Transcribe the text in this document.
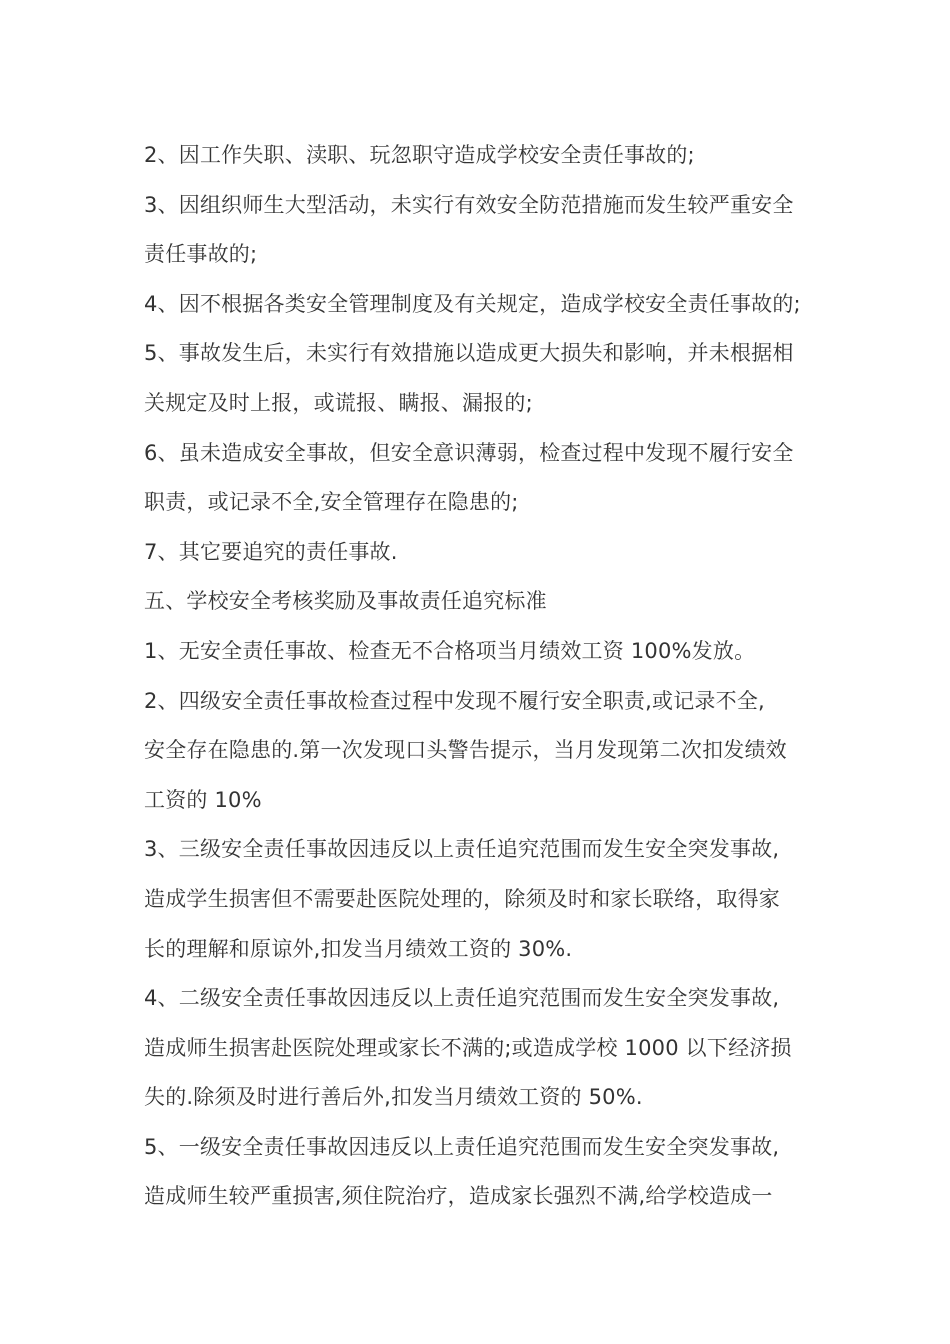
2、因工作失职、渎职、玩忽职守造成学校安全责任事故的;
3、因组织师生大型活动，未实行有效安全防范措施而发生较严重安全
责任事故的;
4、因不根据各类安全管理制度及有关规定，造成学校安全责任事故的;
5、事故发生后，未实行有效措施以造成更大损失和影响，并未根据相
关规定及时上报，或谎报、瞒报、漏报的;
6、虽未造成安全事故，但安全意识薄弱，检查过程中发现不履行安全
职责，或记录不全,安全管理存在隐患的;
7、其它要追究的责任事故.
五、学校安全考核奖励及事故责任追究标准
1、无安全责任事故、检查无不合格项当月绩效工资 100%发放。
2、四级安全责任事故检查过程中发现不履行安全职责,或记录不全,
安全存在隐患的.第一次发现口头警告提示，当月发现第二次扣发绩效
工资的 10%
3、三级安全责任事故因违反以上责任追究范围而发生安全突发事故,
造成学生损害但不需要赴医院处理的，除须及时和家长联络，取得家
长的理解和原谅外,扣发当月绩效工资的 30%.
4、二级安全责任事故因违反以上责任追究范围而发生安全突发事故,
造成师生损害赴医院处理或家长不满的;或造成学校 1000 以下经济损
失的.除须及时进行善后外,扣发当月绩效工资的 50%.
5、一级安全责任事故因违反以上责任追究范围而发生安全突发事故,
造成师生较严重损害,须住院治疗，造成家长强烈不满,给学校造成一
